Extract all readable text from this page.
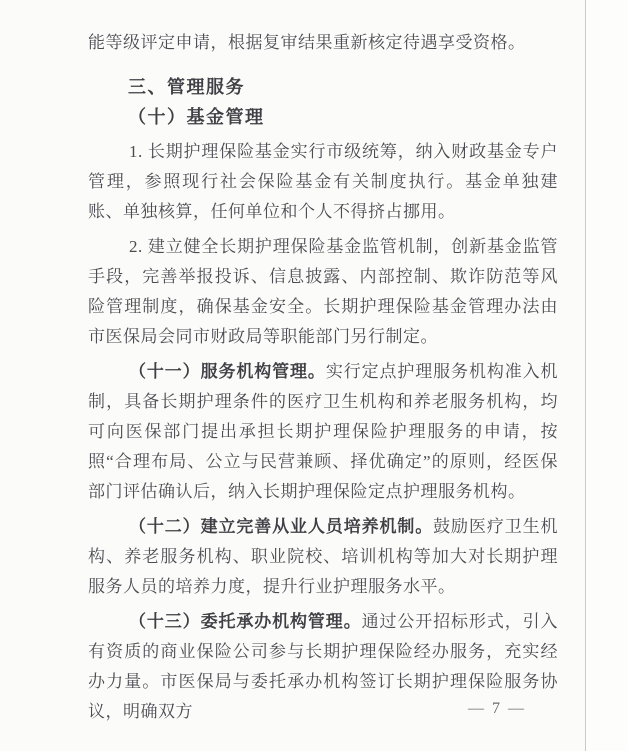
能等级评定申请，根据复审结果重新核定待遇享受资格。

三、管理服务
（十）基金管理

1. 长期护理保险基金实行市级统筹，纳入财政基金专户管理，参照现行社会保险基金有关制度执行。基金单独建账、单独核算，任何单位和个人不得挤占挪用。

2. 建立健全长期护理保险基金监管机制，创新基金监管手段，完善举报投诉、信息披露、内部控制、欺诈防范等风险管理制度，确保基金安全。长期护理保险基金管理办法由市医保局会同市财政局等职能部门另行制定。

（十一）服务机构管理。实行定点护理服务机构准入机制，具备长期护理条件的医疗卫生机构和养老服务机构，均可向医保部门提出承担长期护理保险护理服务的申请，按照“合理布局、公立与民营兼顾、择优确定”的原则，经医保部门评估确认后，纳入长期护理保险定点护理服务机构。

（十二）建立完善从业人员培养机制。鼓励医疗卫生机构、养老服务机构、职业院校、培训机构等加大对长期护理服务人员的培养力度，提升行业护理服务水平。

（十三）委托承办机构管理。通过公开招标形式，引入有资质的商业保险公司参与长期护理保险经办服务，充实经办力量。市医保局与委托承办机构签订长期护理保险服务协议，明确双方	— 7 —
